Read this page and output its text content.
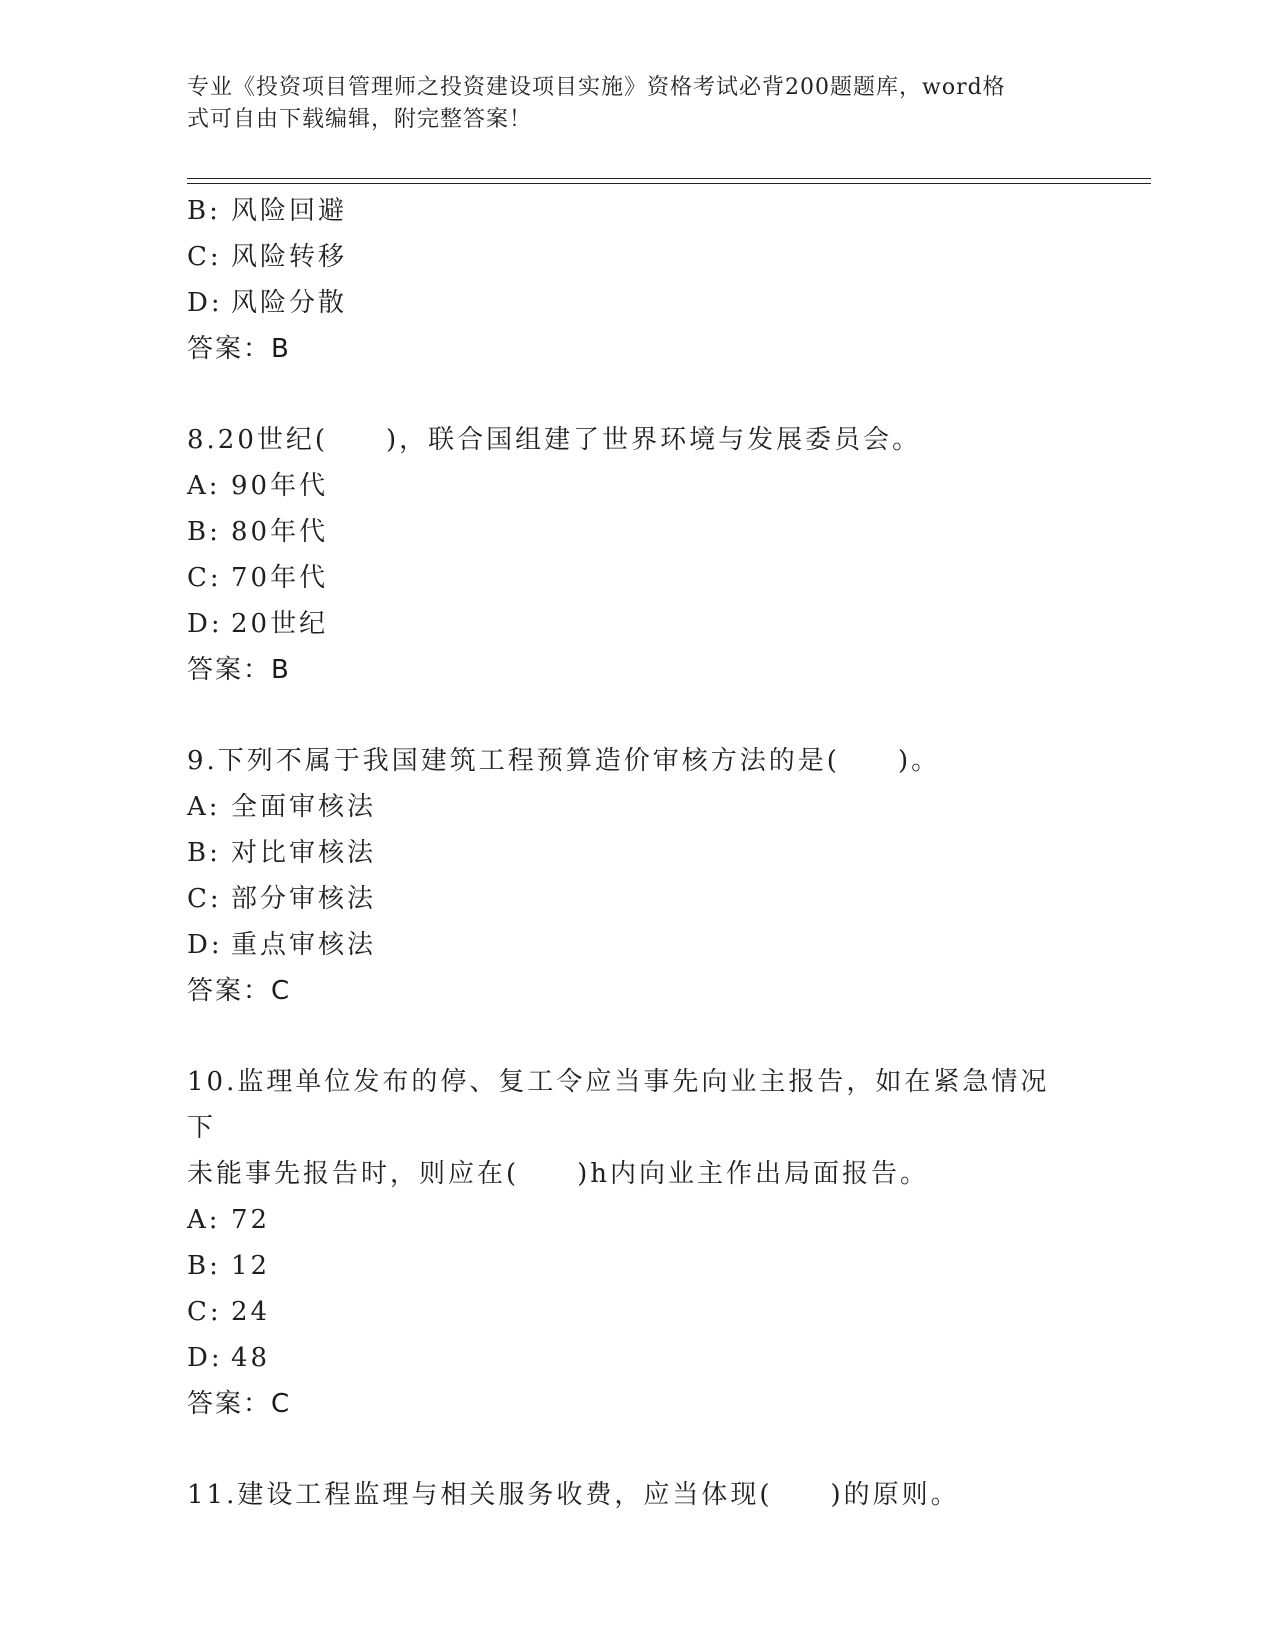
专业《投资项目管理师之投资建设项目实施》资格考试必背200题题库，word格
式可自由下载编辑，附完整答案！
B: 风险回避
C: 风险转移
D: 风险分散
答案：B
8.20世纪(　　)，联合国组建了世界环境与发展委员会。
A: 90年代
B: 80年代
C: 70年代
D: 20世纪
答案：B
9.下列不属于我国建筑工程预算造价审核方法的是(　　)。
A: 全面审核法
B: 对比审核法
C: 部分审核法
D: 重点审核法
答案：C
10.监理单位发布的停、复工令应当事先向业主报告，如在紧急情况下
未能事先报告时，则应在(　　)h内向业主作出局面报告。
A: 72
B: 12
C: 24
D: 48
答案：C
11.建设工程监理与相关服务收费，应当体现(　　)的原则。
